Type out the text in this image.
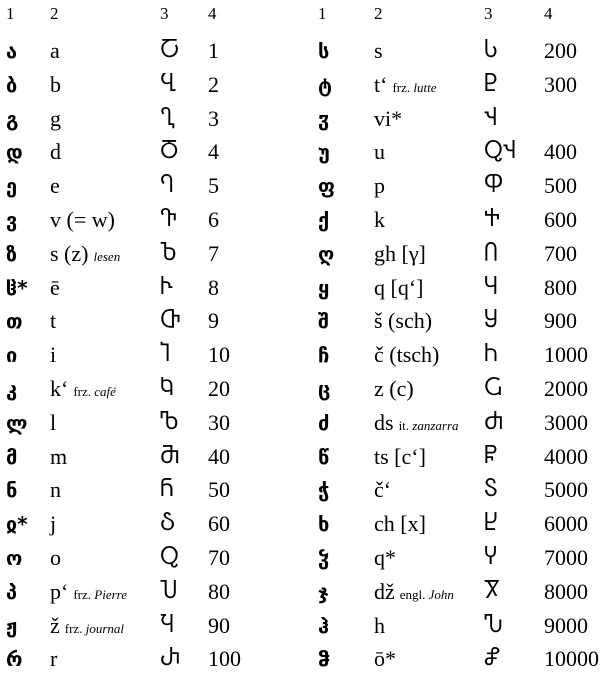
1 2	3 4
ა a	Ⴀ 1
ბ b	Ⴁ 2
გ g	Ⴂ 3
დ d	Ⴃ 4
ე e	Ⴄ 5
ვ v (= w) Ⴅ 6
ზ s (z) lesen Ⴆ 7
ჱ* ē	Ⴡ 8
თ t	Ⴇ 9
ი i	Ⴈ 10
კ k‘ frz. café Ⴉ 20
ლ l	Ⴊ 30
მ m	Ⴋ 40
ნ n	Ⴌ 50
ჲ* j	Ⴢ 60
ო o	Ⴍ 70
პ p‘ frz. Pierre Ⴎ 80
ჟ žfrz. journal Ⴏ 90
რ r	Ⴐ 100
1	2	3	4
ს s	Ⴑ 200
ტ t‘ frz. lutte Ⴒ 300
ჳ vi*	Ⴣ
უ u	ႭჃ 400
ფ p	Ⴔ 500
ქ k	Ⴕ 600
ღ gh [γ]	Ⴖ 700
ყ q [q‘]	Ⴗ 800
შ š (sch) Ⴘ 900
ჩ č (tsch) Ⴙ 1000
ც z (c)	Ⴚ 2000
ძ ds it. zanzarra Ⴛ 3000
წ ts [c‘]	Ⴜ 4000
ჭ č‘	Ⴝ 5000
ხ ch [x]	Ⴞ 6000
ჴ q*	Ⴤ 7000
ჯ dž engl. John Ⴟ 8000
ჰ h	Ⴠ 9000
ჵ ō*	Ⴥ 10000
